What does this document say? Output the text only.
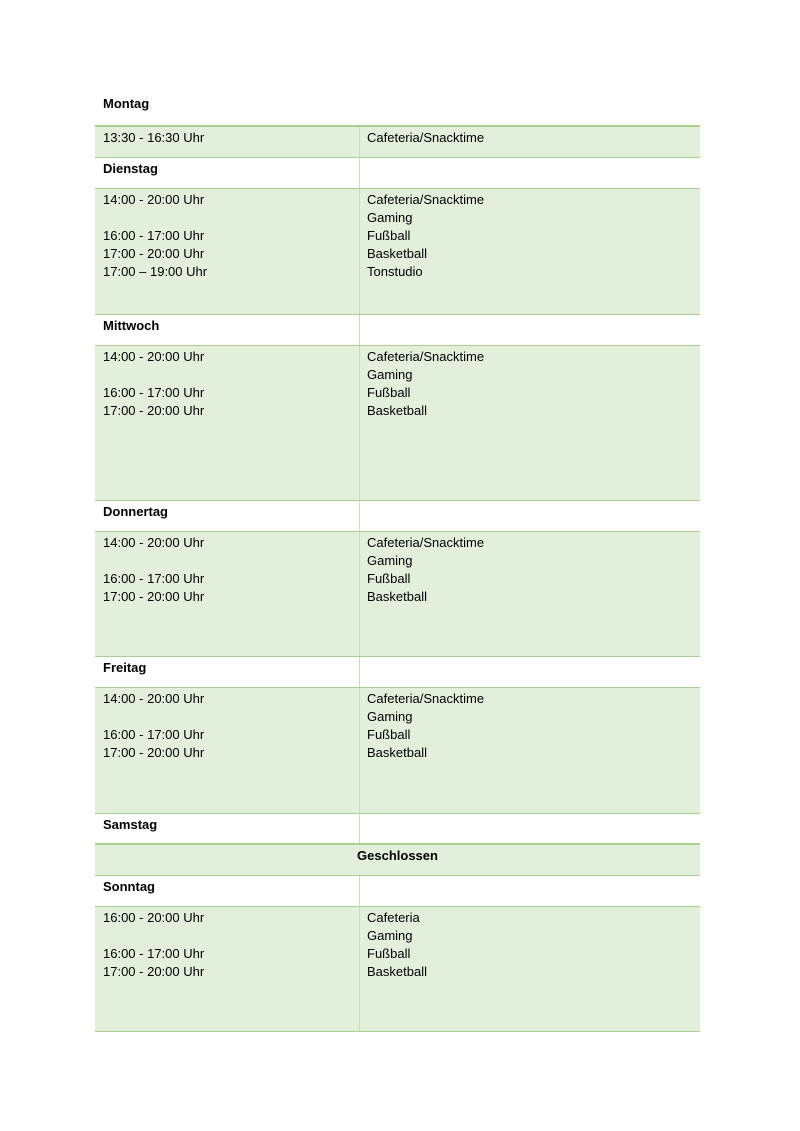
Montag
13:30 - 16:30 Uhr	Cafeteria/Snacktime
Dienstag
14:00 - 20:00 Uhr
16:00 - 17:00 Uhr
17:00 - 20:00 Uhr
17:00 – 19:00 Uhr
Cafeteria/Snacktime
Gaming
Fußball
Basketball
Tonstudio
Mittwoch
14:00 - 20:00 Uhr
16:00 - 17:00 Uhr
17:00 - 20:00 Uhr
Cafeteria/Snacktime
Gaming
Fußball
Basketball
Donnertag
14:00 - 20:00 Uhr
16:00 - 17:00 Uhr
17:00 - 20:00 Uhr
Cafeteria/Snacktime
Gaming
Fußball
Basketball
Freitag
14:00 - 20:00 Uhr
16:00 - 17:00 Uhr
17:00 - 20:00 Uhr
Cafeteria/Snacktime
Gaming
Fußball
Basketball
Samstag
Geschlossen
Sonntag
16:00 - 20:00 Uhr
16:00 - 17:00 Uhr
17:00 - 20:00 Uhr
Cafeteria
Gaming
Fußball
Basketball
